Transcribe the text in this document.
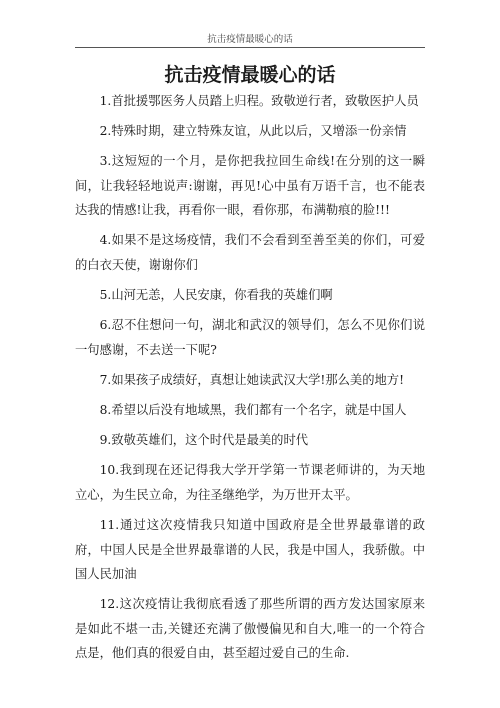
抗击疫情最暖心的话
抗击疫情最暖心的话

1.首批援鄂医务人员踏上归程。致敬逆行者，致敬医护人员

2.特殊时期，建立特殊友谊，从此以后，又增添一份亲情

3.这短短的一个月，是你把我拉回生命线!在分别的这一瞬间，让我轻轻地说声:谢谢，再见!心中虽有万语千言，也不能表达我的情感!让我，再看你一眼，看你那，布满勒痕的脸!!!

4.如果不是这场疫情，我们不会看到至善至美的你们，可爱的白衣天使，谢谢你们

5.山河无恙，人民安康，你看我的英雄们啊

6.忍不住想问一句，湖北和武汉的领导们，怎么不见你们说一句感谢，不去送一下呢?

7.如果孩子成绩好，真想让她读武汉大学!那么美的地方!

8.希望以后没有地域黑，我们都有一个名字，就是中国人

9.致敬英雄们，这个时代是最美的时代

10.我到现在还记得我大学开学第一节课老师讲的，为天地立心，为生民立命，为往圣继绝学，为万世开太平。

11.通过这次疫情我只知道中国政府是全世界最靠谱的政府，中国人民是全世界最靠谱的人民，我是中国人，我骄傲。中国人民加油

12.这次疫情让我彻底看透了那些所谓的西方发达国家原来是如此不堪一击,关键还充满了傲慢偏见和自大,唯一的一个符合点是，他们真的很爱自由，甚至超过爱自己的生命.
